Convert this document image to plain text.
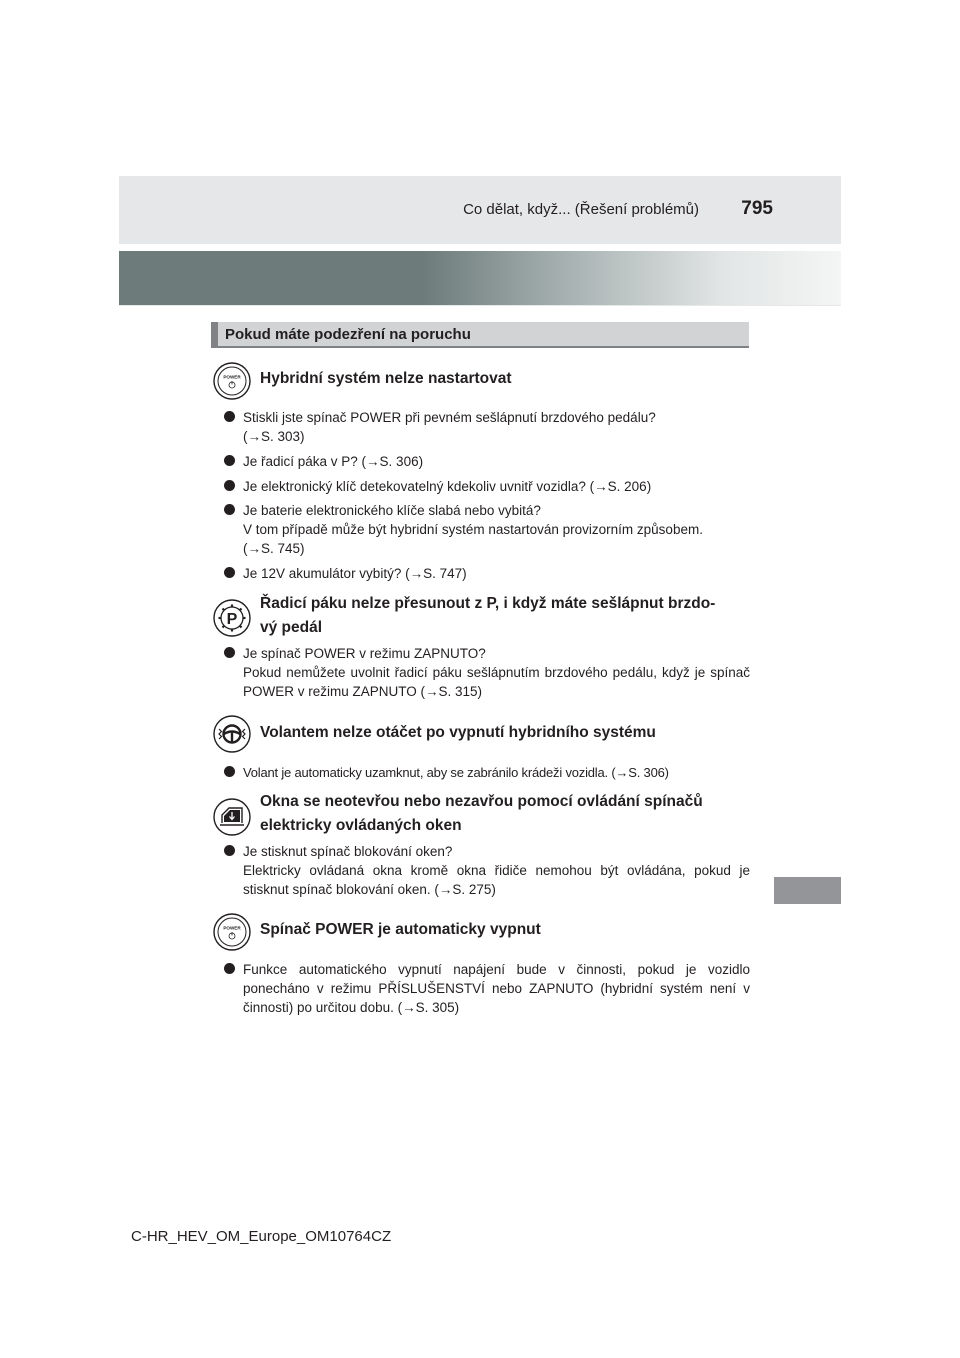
Co dělat, když... (Řešení problémů) 795
Pokud máte podezření na poruchu
POWER Hybridní systém nelze nastartovat
Stiskli jste spínač POWER při pevném sešlápnutí brzdového pedálu?
(→S. 303)
Je řadicí páka v P? (→S. 306)
Je elektronický klíč detekovatelný kdekoliv uvnitř vozidla? (→S. 206)
Je baterie elektronického klíče slabá nebo vybitá?
V tom případě může být hybridní systém nastartován provizorním způsobem.
(→S. 745)
Je 12V akumulátor vybitý? (→S. 747)
P
Řadicí páku nelze přesunout z P, i když máte sešlápnut brzdo-
vý pedál
Je spínač POWER v režimu ZAPNUTO?
Pokud nemůžete uvolnit řadicí páku sešlápnutím brzdového pedálu, když je spínač POWER v režimu ZAPNUTO (→S. 315)
Volantem nelze otáčet po vypnutí hybridního systému
Volant je automaticky uzamknut, aby se zabránilo krádeži vozidla. (→S. 306)
Okna se neotevřou nebo nezavřou pomocí ovládání spínačů
elektricky ovládaných oken
Je stisknut spínač blokování oken?
Elektricky ovládaná okna kromě okna řidiče nemohou být ovládána, pokud je stisknut spínač blokování oken. (→S. 275)
POWER Spínač POWER je automaticky vypnut
Funkce automatického vypnutí napájení bude v činnosti, pokud je vozidlo ponecháno v režimu PŘÍSLUŠENSTVÍ nebo ZAPNUTO (hybridní systém není v činnosti) po určitou dobu. (→S. 305)
C-HR_HEV_OM_Europe_OM10764CZ
